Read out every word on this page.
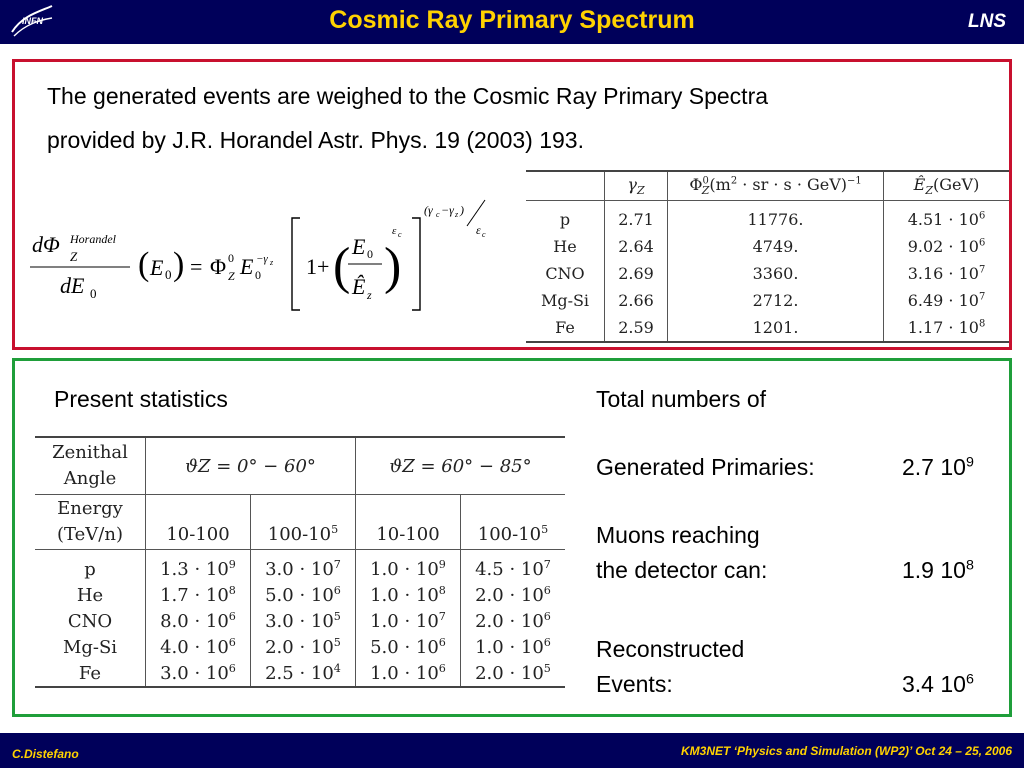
INFN	Cosmic Ray Primary Spectrum	LNS
The generated events are weighed to the Cosmic Ray Primary Spectra
provided by J.R. Horandel Astr. Phys. 19 (2003) 193.
dΦ Horandel
Z
dE 0
( E 0 ) = Φ 0
Z E 0
−γ z 1+ ( E 0
Ê z )
ε c
(γ c −γ z )
ε c
	$\gamma_Z$	$\Phi^0_Z(m^2$ · sr · s · GeV)$^{-1}$	$Ê_Z(GeV)$
p	2.71	11776.	$4.51 \cdot 10^6$
He	2.64	4749.	$9.02 \cdot 10^6$
CNO	2.69	3360.	$3.16 \cdot 10^7$
Mg-Si	2.66	2712.	$6.49 \cdot 10^7$
Fe	2.59	1201.	$1.17 \cdot 10^8$
Present statistics
Zenithal
Angle	ϑZ = 0° − 60°		ϑZ = 60° − 85°	

Energy
(TeV/n)	10-100	$100-10^5$	10-100	$100-10^5$
p	$1.3 \cdot 10^9$	$3.0 \cdot 10^7$	$1.0 \cdot 10^9$	$4.5 \cdot 10^7$
He	$1.7 \cdot 10^8$	$5.0 \cdot 10^6$	$1.0 \cdot 10^8$	$2.0 \cdot 10^6$
CNO	$8.0 \cdot 10^6$	$3.0 \cdot 10^5$	$1.0 \cdot 10^7$	$2.0 \cdot 10^6$
Mg-Si	$4.0 \cdot 10^6$	$2.0 \cdot 10^5$	$5.0 \cdot 10^6$	$1.0 \cdot 10^6$
Fe	$3.0 \cdot 10^6$	$2.5 \cdot 10^4$	$1.0 \cdot 10^6$	$2.0 \cdot 10^5$
Total numbers of
Generated Primaries:	2.7 $10^9$
Muons reaching
the detector can:	1.9 $10^8$
Reconstructed
Events:	3.4 $10^6$
C.Distefano	KM3NET ‘Physics and Simulation (WP2)’ Oct 24 – 25, 2006
